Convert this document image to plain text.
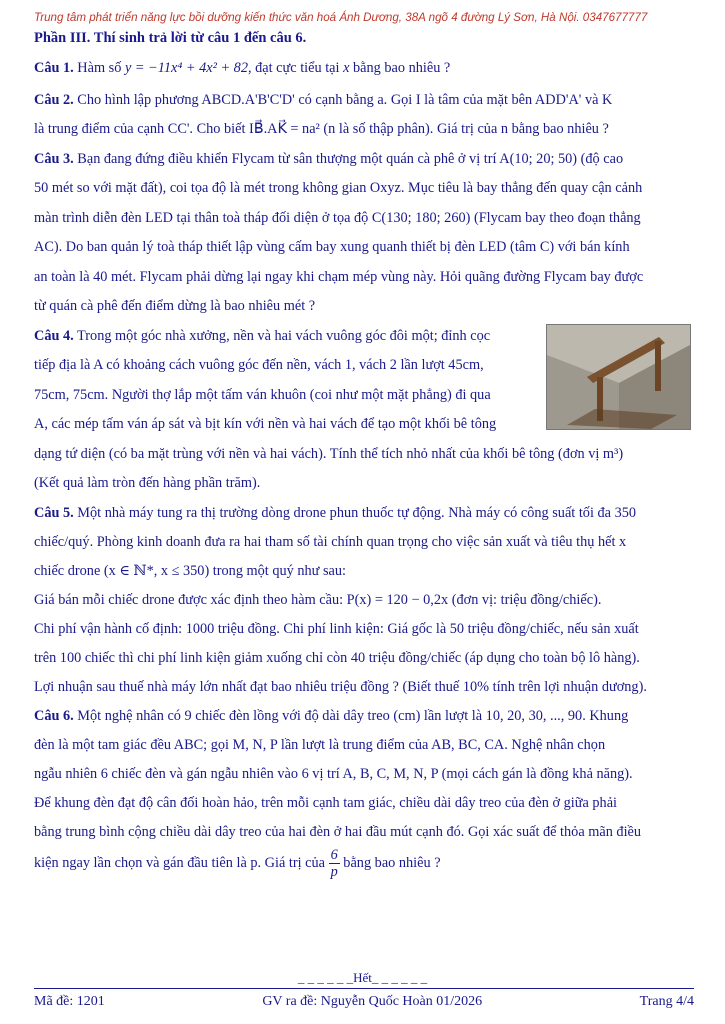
Trung tâm phát triển năng lực bồi dưỡng kiến thức văn hoá Ánh Dương, 38A ngõ 4 đường Lý Sơn, Hà Nội. 0347677777
Phần III. Thí sinh trả lời từ câu 1 đến câu 6.

Câu 1. Hàm số y = −11x⁴ + 4x² + 82, đạt cực tiểu tại x bằng bao nhiêu ?

Câu 2. Cho hình lập phương ABCD.A'B'C'D' có cạnh bằng a. Gọi I là tâm của mặt bên ADD'A' và K
là trung điểm của cạnh CC'. Cho biết IB⃗.AK⃗ = na² (n là số thập phân). Giá trị của n bằng bao nhiêu ?

Câu 3. Bạn đang đứng điều khiển Flycam từ sân thượng một quán cà phê ở vị trí A(10; 20; 50) (độ cao
50 mét so với mặt đất), coi tọa độ là mét trong không gian Oxyz. Mục tiêu là bay thẳng đến quay cận cảnh
màn trình diễn đèn LED tại thân toà tháp đối diện ở tọa độ C(130; 180; 260) (Flycam bay theo đoạn thẳng
AC). Do ban quản lý toà tháp thiết lập vùng cấm bay xung quanh thiết bị đèn LED (tâm C) với bán kính
an toàn là 40 mét. Flycam phải dừng lại ngay khi chạm mép vùng này. Hỏi quãng đường Flycam bay được
từ quán cà phê đến điểm dừng là bao nhiêu mét ?

Câu 4. Trong một góc nhà xưởng, nền và hai vách vuông góc đôi một; đỉnh cọc
tiếp địa là A có khoảng cách vuông góc đến nền, vách 1, vách 2 lần lượt 45cm,
75cm, 75cm. Người thợ lắp một tấm ván khuôn (coi như một mặt phẳng) đi qua
A, các mép tấm ván áp sát và bịt kín với nền và hai vách để tạo một khối bê tông

dạng tứ diện (có ba mặt trùng với nền và hai vách). Tính thể tích nhỏ nhất của khối bê tông (đơn vị m³)
(Kết quả làm tròn đến hàng phần trăm).

Câu 5. Một nhà máy tung ra thị trường dòng drone phun thuốc tự động. Nhà máy có công suất tối đa 350
chiếc/quý. Phòng kinh doanh đưa ra hai tham số tài chính quan trọng cho việc sản xuất và tiêu thụ hết x
chiếc drone (x ∈ ℕ*, x ≤ 350) trong một quý như sau:
Giá bán mỗi chiếc drone được xác định theo hàm cầu: P(x) = 120 − 0,2x (đơn vị: triệu đồng/chiếc).
Chi phí vận hành cố định: 1000 triệu đồng. Chi phí linh kiện: Giá gốc là 50 triệu đồng/chiếc, nếu sản xuất
trên 100 chiếc thì chi phí linh kiện giảm xuống chỉ còn 40 triệu đồng/chiếc (áp dụng cho toàn bộ lô hàng).
Lợi nhuận sau thuế nhà máy lớn nhất đạt bao nhiêu triệu đồng ? (Biết thuế 10% tính trên lợi nhuận dương).

Câu 6. Một nghệ nhân có 9 chiếc đèn lồng với độ dài dây treo (cm) lần lượt là 10, 20, 30, ..., 90. Khung
đèn là một tam giác đều ABC; gọi M, N, P lần lượt là trung điểm của AB, BC, CA. Nghệ nhân chọn
ngẫu nhiên 6 chiếc đèn và gán ngẫu nhiên vào 6 vị trí A, B, C, M, N, P (mọi cách gán là đồng khả năng).
Để khung đèn đạt độ cân đối hoàn hảo, trên mỗi cạnh tam giác, chiều dài dây treo của đèn ở giữa phải
bằng trung bình cộng chiều dài dây treo của hai đèn ở hai đầu mút cạnh đó. Gọi xác suất để thỏa mãn điều
kiện ngay lần chọn và gán đầu tiên là p. Giá trị của $\frac{6}{p}$ bằng bao nhiêu ?

_ _ _ _ _ _Hết_ _ _ _ _ _
Mã đề: 1201	GV ra đề: Nguyễn Quốc Hoàn 01/2026	Trang 4/4
